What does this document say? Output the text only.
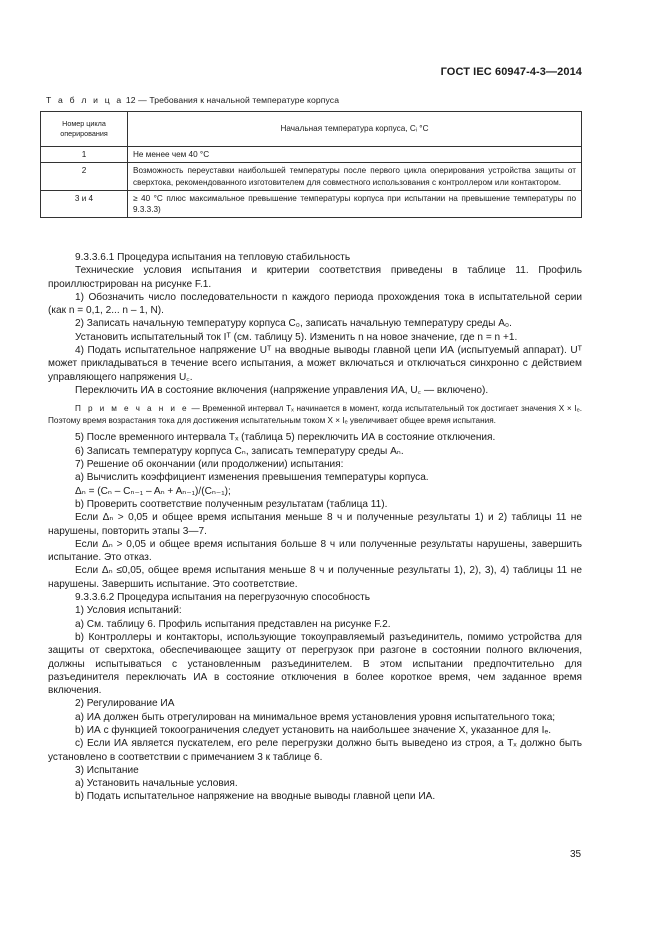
ГОСТ IEC 60947-4-3—2014
Т а б л и ц а 12 — Требования к начальной температуре корпуса
Номер цикла оперирования	Начальная температура корпуса, Cᵢ °С
1	Не менее чем 40 °С
2	Возможность переуставки наибольшей температуры после первого цикла оперирования устройства защиты от сверхтока, рекомендованного изготовителем для совместного использования с контроллером или контактором.
3 и 4	≥ 40 °С плюс максимальное превышение температуры корпуса при испытании на превышение температуры по 9.3.3.3)

9.3.3.6.1 Процедура испытания на тепловую стабильность

Технические условия испытания и критерии соответствия приведены в таблице 11. Профиль проиллюстрирован на рисунке F.1.

1) Обозначить число последовательности n каждого периода прохождения тока в испытательной серии (как n = 0,1, 2... n – 1, N).

2) Записать начальную температуру корпуса C₀, записать начальную температуру среды A₀.

Установить испытательный ток Iᵀ (см. таблицу 5). Изменить n на новое значение, где n = n +1.

4) Подать испытательное напряжение Uᵀ на вводные выводы главной цепи ИА (испытуемый аппарат). Uᵀ может прикладываться в течение всего испытания, а может включаться и отключаться синхронно с действием управляющего напряжения U꜀.

Переключить ИА в состояние включения (напряжение управления ИА, U꜀ — включено).

П р и м е ч а н и е — Временной интервал Tₓ начинается в момент, когда испытательный ток достигает значения X × Iₑ. Поэтому время возрастания тока для достижения испытательным током X × Iₑ увеличивает общее время испытания.

5) После временного интервала Tₓ (таблица 5) переключить ИА в состояние отключения.

6) Записать температуру корпуса Cₙ, записать температуру среды Aₙ.

7) Решение об окончании (или продолжении) испытания:

а) Вычислить коэффициент изменения превышения температуры корпуса.

Δₙ = (Cₙ – Cₙ₋₁ – Aₙ + Aₙ₋₁)/(Cₙ₋₁);

b) Проверить соответствие полученным результатам (таблица 11).

Если Δₙ > 0,05 и общее время испытания меньше 8 ч и полученные результаты 1) и 2) таблицы 11 не нарушены, повторить этапы 3—7.

Если Δₙ > 0,05 и общее время испытания больше 8 ч или полученные результаты нарушены, завершить испытание. Это отказ.

Если Δₙ ≤0,05, общее время испытания меньше 8 ч и полученные результаты 1), 2), 3), 4) таблицы 11 не нарушены. Завершить испытание. Это соответствие.

9.3.3.6.2 Процедура испытания на перегрузочную способность

1) Условия испытаний:

а) См. таблицу 6. Профиль испытания представлен на рисунке F.2.

b) Контроллеры и контакторы, использующие токоуправляемый разъединитель, помимо устройства для защиты от сверхтока, обеспечивающее защиту от перегрузок при разгоне в состоянии полного включения, должны испытываться с установленным разъединителем. В этом испытании предпочтительно для разъединителя переключать ИА в состояние отключения в более короткое время, чем заданное время включения.

2) Регулирование ИА

а) ИА должен быть отрегулирован на минимальное время установления уровня испытательного тока;

b) ИА с функцией токоограничения следует установить на наибольшее значение X, указанное для Iₑ.

c) Если ИА является пускателем, его реле перегрузки должно быть выведено из строя, а Tₓ должно быть установлено в соответствии с примечанием 3 к таблице 6.

3) Испытание

а) Установить начальные условия.

b) Подать испытательное напряжение на вводные выводы главной цепи ИА.

35
